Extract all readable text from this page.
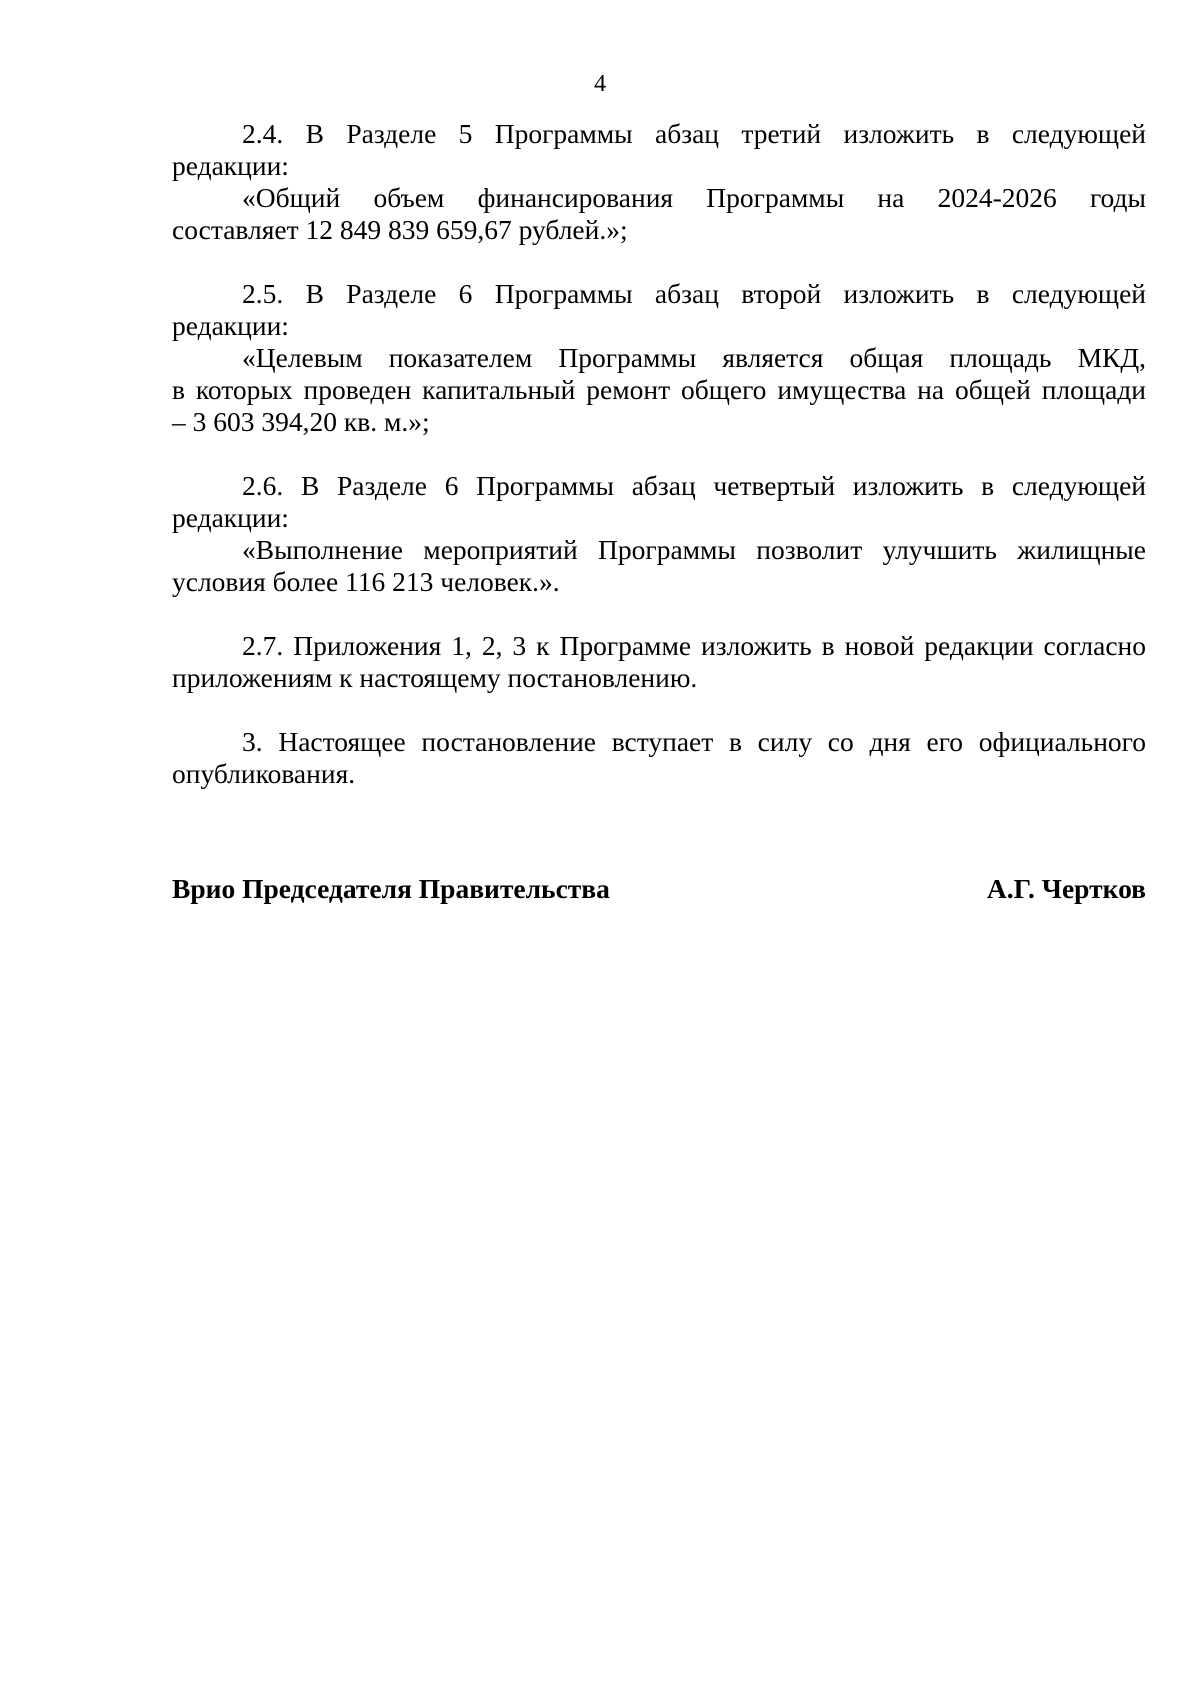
4

2.4. В Разделе 5 Программы абзац третий изложить в следующей

редакции:

«Общий объем финансирования Программы на 2024-2026 годы

составляет 12 849 839 659,67 рублей.»;

2.5. В Разделе 6 Программы абзац второй изложить в следующей

редакции:

«Целевым показателем Программы является общая площадь МКД,

в которых проведен капитальный ремонт общего имущества на общей площади

– 3 603 394,20 кв. м.»;

2.6. В Разделе 6 Программы абзац четвертый изложить в следующей

редакции:

«Выполнение мероприятий Программы позволит улучшить жилищные

условия более 116 213 человек.».

2.7. Приложения 1, 2, 3 к Программе изложить в новой редакции согласно

приложениям к настоящему постановлению.

3. Настоящее постановление вступает в силу со дня его официального

опубликования.

Врио Председателя Правительства	А.Г. Чертков
